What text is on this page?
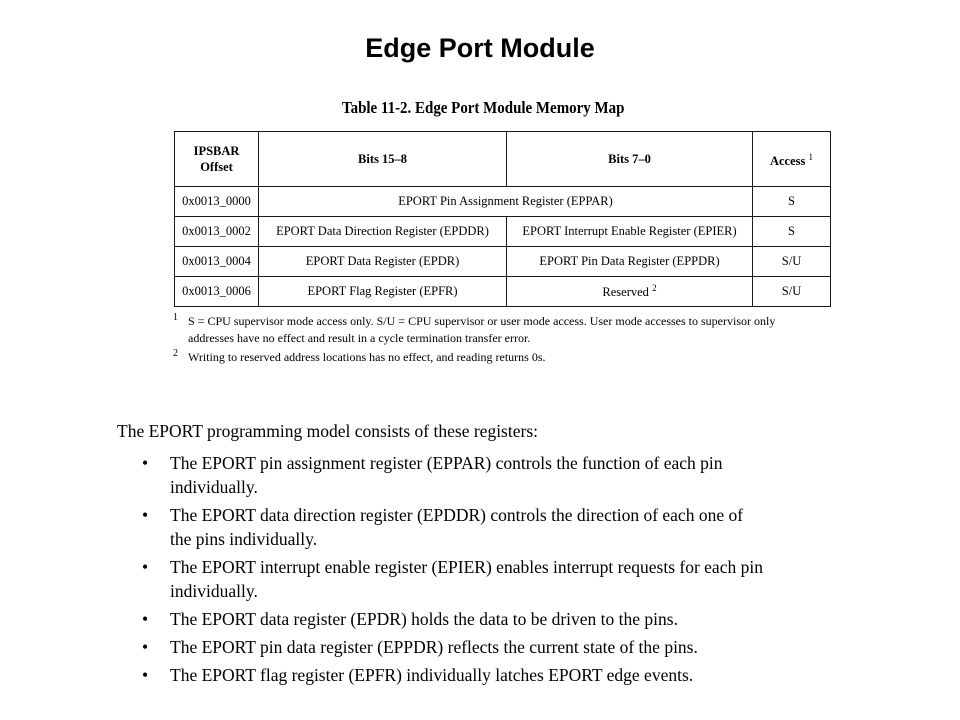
Edge Port Module
Table 11-2. Edge Port Module Memory Map
IPSBAR
Offset	Bits 15–8	Bits 7–0	Access $^1$
0x0013_0000	EPORT Pin Assignment Register (EPPAR)		S
0x0013_0002	EPORT Data Direction Register (EPDDR)	EPORT Interrupt Enable Register (EPIER)	S
0x0013_0004	EPORT Data Register (EPDR)	EPORT Pin Data Register (EPPDR)	S/U
0x0013_0006	EPORT Flag Register (EPFR)	Reserved $^2$	S/U
1 S = CPU supervisor mode access only. S/U = CPU supervisor or user mode access. User mode accesses to supervisor only
addresses have no effect and result in a cycle termination transfer error.
2 Writing to reserved address locations has no effect, and reading returns 0s.
The EPORT programming model consists of these registers:
• The EPORT pin assignment register (EPPAR) controls the function of each pin
individually.
• The EPORT data direction register (EPDDR) controls the direction of each one of
the pins individually.
• The EPORT interrupt enable register (EPIER) enables interrupt requests for each pin
individually.
• The EPORT data register (EPDR) holds the data to be driven to the pins.
• The EPORT pin data register (EPPDR) reflects the current state of the pins.
• The EPORT flag register (EPFR) individually latches EPORT edge events.
